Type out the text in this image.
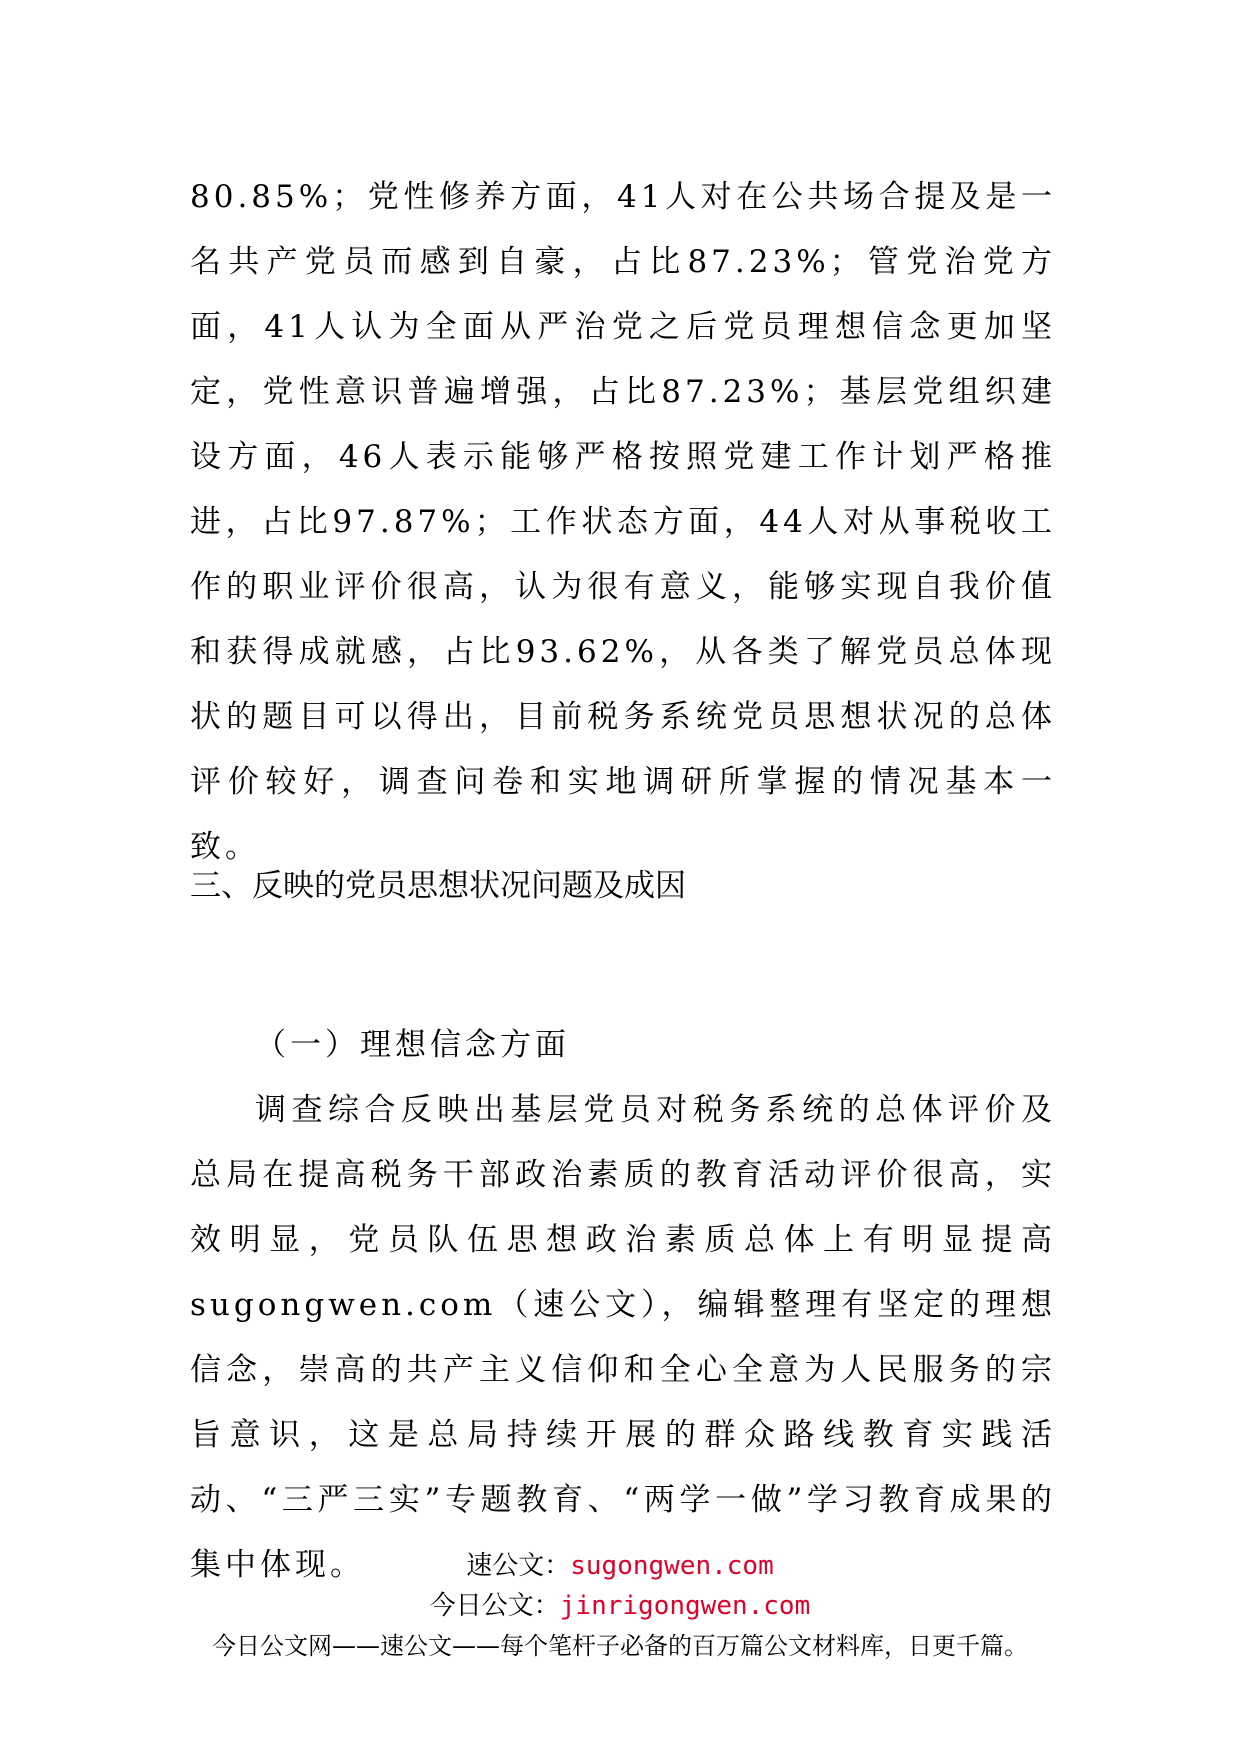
80.85%；党性修养方面，41人对在公共场合提及是一名共产党员而感到自豪，占比87.23%；管党治党方面，41人认为全面从严治党之后党员理想信念更加坚定，党性意识普遍增强，占比87.23%；基层党组织建设方面，46人表示能够严格按照党建工作计划严格推进，占比97.87%；工作状态方面，44人对从事税收工作的职业评价很高，认为很有意义，能够实现自我价值和获得成就感，占比93.62%，从各类了解党员总体现状的题目可以得出，目前税务系统党员思想状况的总体评价较好，调查问卷和实地调研所掌握的情况基本一致。

三、反映的党员思想状况问题及成因
（一）理想信念方面

调查综合反映出基层党员对税务系统的总体评价及总局在提高税务干部政治素质的教育活动评价很高，实效明显，党员队伍思想政治素质总体上有明显提高sugongwen.com（速公文），编辑整理有坚定的理想信念，崇高的共产主义信仰和全心全意为人民服务的宗旨意识，这是总局持续开展的群众路线教育实践活动、“三严三实”专题教育、“两学一做”学习教育成果的集中体现。	速公文：sugongwen.com
今日公文：jinrigongwen.com
今日公文网——速公文——每个笔杆子必备的百万篇公文材料库，日更千篇。
